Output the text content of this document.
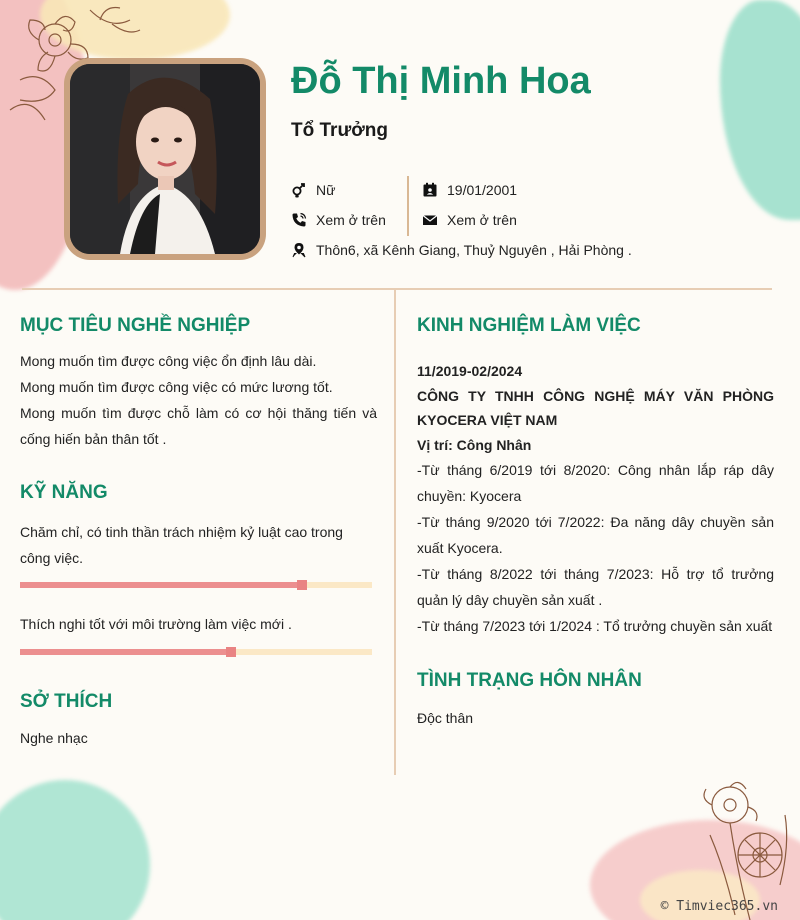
Đỗ Thị Minh Hoa
Tổ Trưởng
Nữ
Xem ở trên
19/01/2001
Xem ở trên
Thôn6, xã Kênh Giang, Thuỷ Nguyên , Hải Phòng .
MỤC TIÊU NGHỀ NGHIỆP
Mong muốn tìm được công việc ổn định lâu dài.
Mong muốn tìm được công việc có mức lương tốt.
Mong muốn tìm được chỗ làm có cơ hội thăng tiến và cống hiến bản thân tốt .
KỸ NĂNG
Chăm chỉ, có tinh thần trách nhiệm kỷ luật cao trong công việc.
Thích nghi tốt với môi trường làm việc mới .
SỞ THÍCH
Nghe nhạc
KINH NGHIỆM LÀM VIỆC
11/2019-02/2024
CÔNG TY TNHH CÔNG NGHỆ MÁY VĂN PHÒNG KYOCERA VIỆT NAM
Vị trí: Công Nhân
-Từ tháng 6/2019 tới 8/2020: Công nhân lắp ráp dây chuyền: Kyocera
-Từ tháng 9/2020 tới 7/2022: Đa năng dây chuyền sản xuất Kyocera.
-Từ tháng 8/2022 tới tháng 7/2023: Hỗ trợ tổ trưởng quản lý dây chuyền sản xuất .
-Từ tháng 7/2023 tới 1/2024 : Tổ trưởng chuyền sản xuất
TÌNH TRẠNG HÔN NHÂN
Độc thân
© Timviec365.vn
